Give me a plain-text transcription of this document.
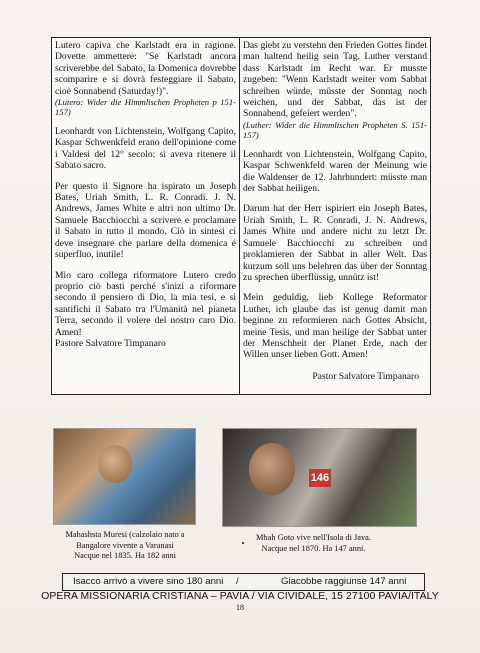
Lutero capiva che Karlstadt era in ragione. Dovette ammettere: "Se Karlstadt ancora scriverebbe del Sabato, la Domenica dovrebbe scomparire e si dovrà festeggiare il Sabato, cioè Sonnabend (Saturday!)".
(Lutero: Wider die Himmlischen Propheten p 151-157)

Leonhardt von Lichtenstein, Wolfgang Capito, Kaspar Schwenkfeld erano dell'opinione come i Valdesi del 12° secolo: si aveva ritenere il Sabato sacro.

Per questo il Signore ha ispirato un Joseph Bates, Uriah Smith, L. R. Conradi. J. N. Andrews, James White e altri non ultimo Dr. Samuele Bacchiocchi a scrivere e proclamare il Sabato in tutto il mondo. Ciò in sintesi ci deve insegnare che parlare della domenica é superfluo, inutile!

Mio caro collega riformatore Lutero credo proprio ciò basti perché s'inizi a riformare secondo il pensiero di Dio, la mia tesi, e si santifichi il Sabato tra l'Umanità nel pianeta Terra, secondo il volere del nostro caro Dio. Amen!

Pastore Salvatore Timpanaro

Das giebt zu verstehn den Frieden Gottes findet man haltend heilig sein Tag. Luther verstand dass Karlstadt im Recht war. Er musste zugeben: "Wenn Karlstadt weiter vom Sabbat schreiben würde, müsste der Sonntag noch weichen, und der Sabbat, das ist der Sonnabend, gefeiert werden".
(Luther: Wider die Himmlischen Propheten S. 151-157)

Leonhardt von Lichtenstein, Wolfgang Capito, Kaspar Schwenkfeld waren der Meinung wie die Waldenser de 12. Jahrhundert: müsste man der Sabbat heiligen.

Darum hat der Herr ispiriert ein Joseph Bates, Uriah Smith, L. R. Conradi, J. N. Andrews, James White und andere nicht zu letzt Dr. Samuele Bacchiocchi zu schreiben und proklamieren der Sabbat in aller Welt. Das kurzum soll uns belehren das über der Sonntag zu sprechen überflüssig, unnütz ist!

Mein geduldig, lieb Kollege Reformator Luther, ich glaube das ist genug damit man beginne zu reformieren nach Gottes Absicht, meine Tesis, und man heilige der Sabbat unter der Menschheit der Planet Erde, nach der Willen unser lieben Gott. Amen!

Pastor Salvatore Timpanaro

146
Mahashsta Muresi (calzolaio nato a
Bangalore vivente a Varanasi
Nacque nel 1835. Ha 182 anni
Mbah Goto vive nell'Isola di Java.
Nacque nel 1870. Ha 147 anni.
Isacco arrivò a vivere sino 180 anni /	Giacobbe raggiunse 147 anni
OPERA MISSIONARIA CRISTIANA – PAVIA / VIA CIVIDALE, 15 27100 PAVIA/ITALY
18
